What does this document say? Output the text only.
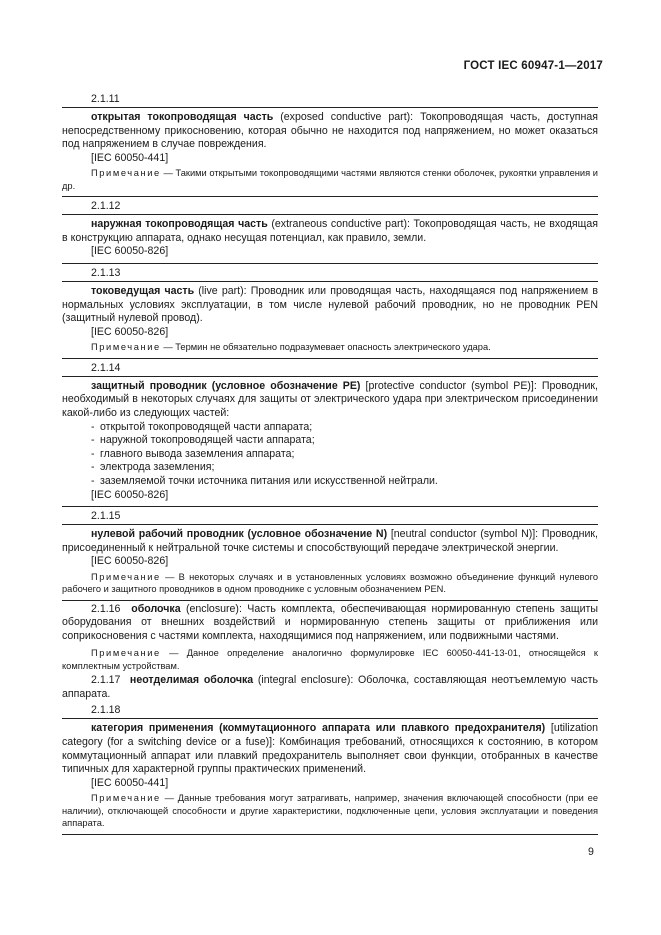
ГОСТ IEC 60947-1—2017
2.1.11

открытая токопроводящая часть (exposed conductive part): Токопроводящая часть, доступная непосредственному прикосновению, которая обычно не находится под напряжением, но может оказаться под напряжением в случае повреждения.

[IEC 60050-441]

Примечание — Такими открытыми токопроводящими частями являются стенки оболочек, рукоятки управления и др.

2.1.12

наружная токопроводящая часть (extraneous conductive part): Токопроводящая часть, не входящая в конструкцию аппарата, однако несущая потенциал, как правило, земли.

[IEC 60050-826]
2.1.13

токоведущая часть (live part): Проводник или проводящая часть, находящаяся под напряжением в нормальных условиях эксплуатации, в том числе нулевой рабочий проводник, но не проводник PEN (защитный нулевой провод).

[IEC 60050-826]

Примечание — Термин не обязательно подразумевает опасность электрического удара.

2.1.14

защитный проводник (условное обозначение PE) [protective conductor (symbol PE)]: Проводник, необходимый в некоторых случаях для защиты от электрического удара при электрическом присоединении какой-либо из следующих частей:

- открытой токопроводящей части аппарата;
- наружной токопроводящей части аппарата;
- главного вывода заземления аппарата;
- электрода заземления;
- заземляемой точки источника питания или искусственной нейтрали.
[IEC 60050-826]
2.1.15

нулевой рабочий проводник (условное обозначение N) [neutral conductor (symbol N)]: Проводник, присоединенный к нейтральной точке системы и способствующий передаче электрической энергии.

[IEC 60050-826]

Примечание — В некоторых случаях и в установленных условиях возможно объединение функций нулевого рабочего и защитного проводников в одном проводнике с условным обозначением PEN.

2.1.16 оболочка (enclosure): Часть комплекта, обеспечивающая нормированную степень защиты оборудования от внешних воздействий и нормированную степень защиты от приближения или соприкосновения с частями комплекта, находящимися под напряжением, или подвижными частями.

Примечание — Данное определение аналогично формулировке IEC 60050-441-13-01, относящейся к комплектным устройствам.

2.1.17 неотделимая оболочка (integral enclosure): Оболочка, составляющая неотъемлемую часть аппарата.

2.1.18

категория применения (коммутационного аппарата или плавкого предохранителя) [utilization category (for a switching device or a fuse)]: Комбинация требований, относящихся к состоянию, в котором коммутационный аппарат или плавкий предохранитель выполняет свои функции, отобранных в качестве типичных для характерной группы практических применений.

[IEC 60050-441]

Примечание — Данные требования могут затрагивать, например, значения включающей способности (при ее наличии), отключающей способности и другие характеристики, подключенные цепи, условия эксплуатации и поведения аппарата.

9
